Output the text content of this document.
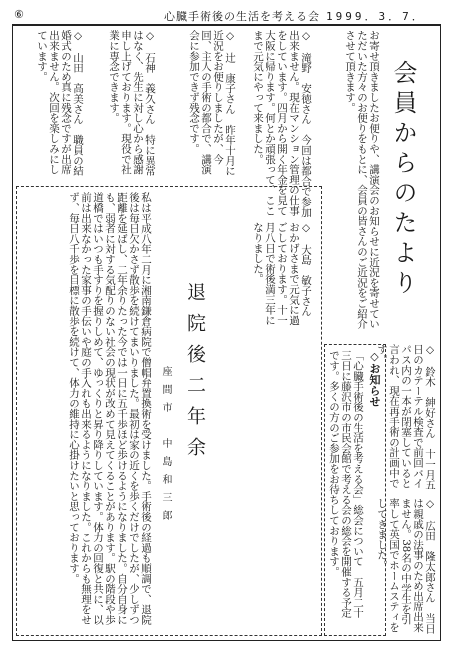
⑥	心臓手術後の生活を考える会 1999．3．7．
会員からのたより
お寄せ頂きましたお便りや、講演会のお知らせに近況を寄せていただいた方々のお便りをもとに、会員の皆さんのご近況をご紹介させて頂きます。
◇　滝野　安徳さん　今回は都合で参加出来ません。現在マンション管理の仕事をしています。四月から開く年金を見て大阪に帰ります。何とか頑張って、ここまで元気にやって来ました。
◇　大島　敏子さん　おかげさまで元気に過ごしております。十一月八日で術後満三年になりました。
◇　辻　康子さん　昨年十月に近況をお便りしましたが、今回、主人の手術の都合で、講演会に参加できず残念です。
◇　石神　義久さん　特に異常はなく、先生に対し心から感謝申し上げております。現役で社業に専念できます。
◇　山田　高美さん　職員の結婚式のため真に残念ですが出席出来ません。次回を楽しみにしています。
◇　鈴木　紳好さん　十一月五日のカテーテル検査で前回バイパス内の一本が閉塞していると言われ、現在再手術の計画中です。
◇　広田　隆太郎さん　当日は親戚の法事のため出席出来ません。38名の中学生を引率して英国でホームスティをしてきました。
◇お知らせ
「心臓手術後の生活を考える会」総会について　五月二十三日に藤沢市の市民会館で考える会の総会を開催する予定です。多くの方のご参加をお待ちしております。
退院後二年余
座間市　中島和三郎
私は平成八年二月に湘南鎌倉病院で僧帽弁置換術を受けました。手術後の経過も順調で、退院後は毎日欠かさず散歩を続けてまいりました。最初は家の近くを歩くだけでしたが、少しずつ距離を延ばし、二年余りたった今では一日に五千歩ほど歩けるようになりました。自分自身にも、弱者に対する気配りのない社会の現状が改めて見えてくることがあります。駅の階段や歩道橋ではいつも手すりを握りしめて、ゆっくりと昇り降りしています。体力の回復と共に、以前は出来なかった家事の手伝いや庭の手入れも出来るようになりました。これからも無理をせず、毎日八千歩を目標に散歩を続けて、体力の維持に心掛けたいと思っております。
